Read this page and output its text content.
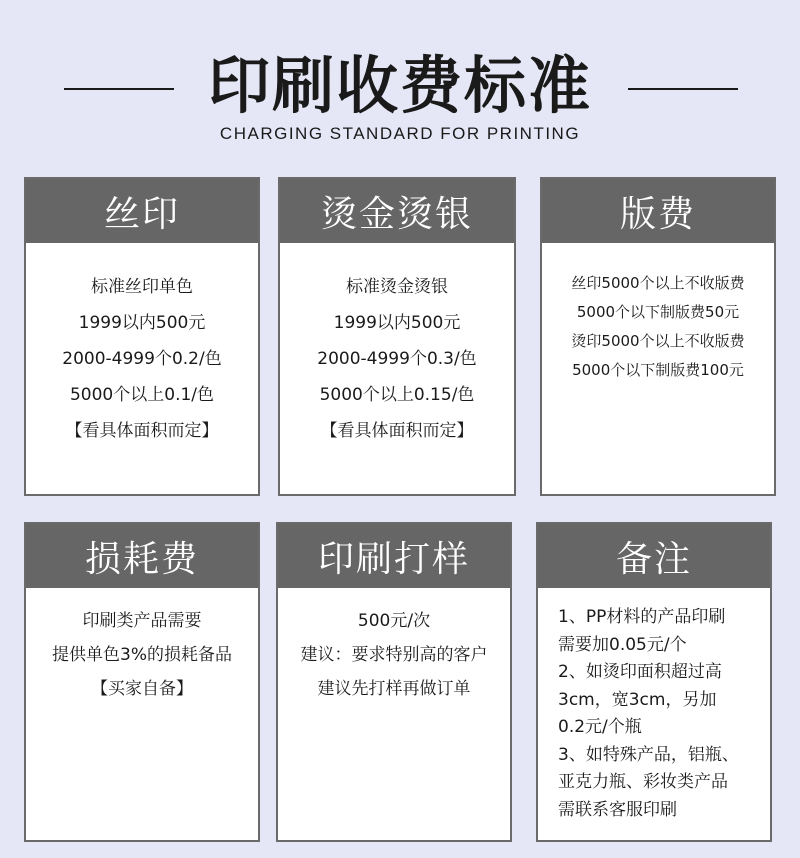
印刷收费标准
CHARGING STANDARD FOR PRINTING
丝印
标准丝印单色
1999以内500元
2000-4999个0.2/色
5000个以上0.1/色
【看具体面积而定】
烫金烫银
标准烫金烫银
1999以内500元
2000-4999个0.3/色
5000个以上0.15/色
【看具体面积而定】
版费
丝印5000个以上不收版费
5000个以下制版费50元
烫印5000个以上不收版费
5000个以下制版费100元
损耗费
印刷类产品需要
提供单色3%的损耗备品
【买家自备】
印刷打样
500元/次
建议：要求特别高的客户
建议先打样再做订单
备注
1、PP材料的产品印刷
需要加0.05元/个
2、如烫印面积超过高
3cm，宽3cm，另加
0.2元/个瓶
3、如特殊产品，铝瓶、
亚克力瓶、彩妆类产品
需联系客服印刷
